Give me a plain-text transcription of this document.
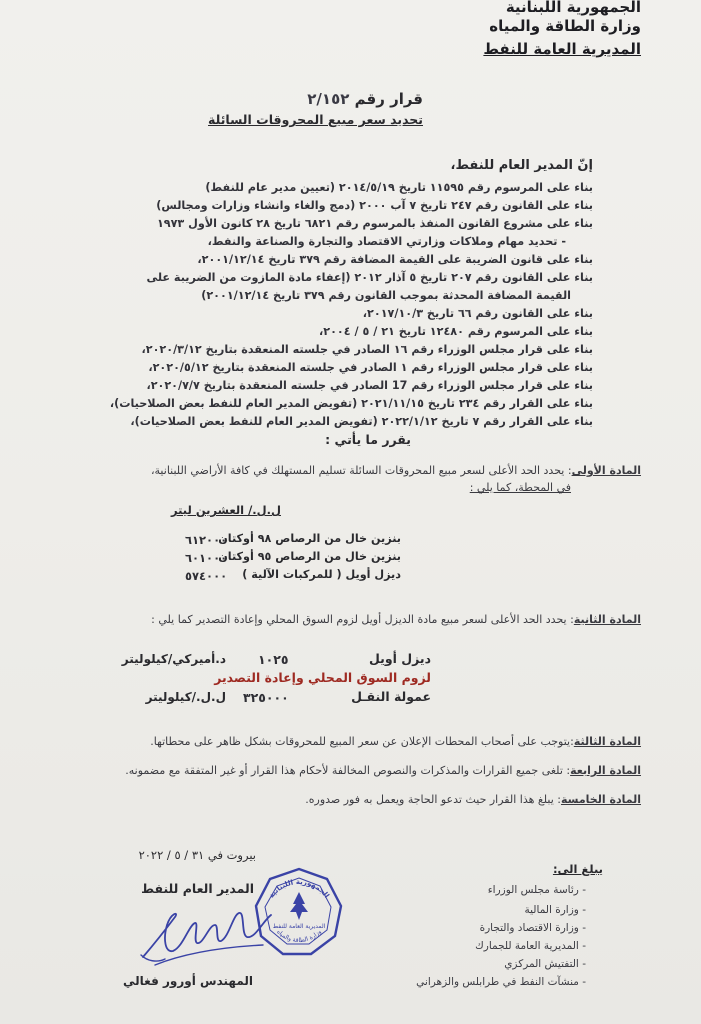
الجمهورية اللبنانية
وزارة الطاقة والمياه
المديرية العامة للنفط
قرار رقم ٢/١٥٢
تحديد سعر مبيع المحروقات السائلة
إنّ المدير العام للنفط،
بناء على المرسوم رقم ١١٥٩٥ تاريخ ٢٠١٤/٥/١٩ (تعيين مدير عام للنفط)
بناء على القانون رقم ٢٤٧ تاريخ ٧ آب ٢٠٠٠ (دمج والغاء وانشاء وزارات ومجالس)
بناء على مشروع القانون المنفذ بالمرسوم رقم ٦٨٢١ تاريخ ٢٨ كانون الأول ١٩٧٣
- تحديد مهام وملاكات وزارتي الاقتصاد والتجارة والصناعة والنفط،
بناء على قانون الضريبة على القيمة المضافة رقم ٣٧٩ تاريخ ٢٠٠١/١٢/١٤،
بناء على القانون رقم ٢٠٧ تاريخ ٥ آذار ٢٠١٢ (إعفاء مادة المازوت من الضريبة على
القيمة المضافة المحدثة بموجب القانون رقم ٣٧٩ تاريخ ٢٠٠١/١٢/١٤)
بناء على القانون رقم ٦٦ تاريخ ٢٠١٧/١٠/٣،
بناء على المرسوم رقم ١٢٤٨٠ تاريخ ٢١ / ٥ / ٢٠٠٤،
بناء على قرار مجلس الوزراء رقم ١٦ الصادر في جلسته المنعقدة بتاريخ ٢٠٢٠/٣/١٢،
بناء على قرار مجلس الوزراء رقم ١ الصادر في جلسته المنعقدة بتاريخ ٢٠٢٠/٥/١٢،
بناء على قرار مجلس الوزراء رقم 17 الصادر في جلسته المنعقدة بتاريخ ٢٠٢٠/٧/٧،
بناء على القرار رقم ٢٣٤ تاريخ ٢٠٢١/١١/١٥ (تفويض المدير العام للنفط بعض الصلاحيات)،
بناء على القرار رقم ٧ تاريخ ٢٠٢٢/١/١٢ (تفويض المدير العام للنفط بعض الصلاحيات)،
يقرر ما يأتي :
المادة الأولى: يحدد الحد الأعلى لسعر مبيع المحروقات السائلة تسليم المستهلك في كافة الأراضي اللبنانية،
في المحطة، كما يلي :
ل.ل./ العشرين ليتر
بنزين خال من الرصاص ٩٨ أوكتان
٦١٢٠٠٠
بنزين خال من الرصاص ٩٥ أوكتان
٦٠١٠٠٠
ديزل أويل ( للمركبات الآلية )
٥٧٤٠٠٠
المادة الثانية: يحدد الحد الأعلى لسعر مبيع مادة الديزل أويل لزوم السوق المحلي وإعادة التصدير كما يلي :
ديزل أويل
١٠٢٥
د.أميركي/كيلوليتر
لزوم السوق المحلي وإعادة التصدير
عمولة النقـل
٣٢٥٠٠٠
ل.ل./كيلوليتر
المادة الثالثة:يتوجب على أصحاب المحطات الإعلان عن سعر المبيع للمحروقات بشكل ظاهر على محطاتها.
المادة الرابعة: تلغى جميع القرارات والمذكرات والنصوص المخالفة لأحكام هذا القرار أو غير المتفقة مع مضمونه.
المادة الخامسة: يبلغ هذا القرار حيث تدعو الحاجة ويعمل به فور صدوره.
بيروت في ٣١ / ٥ / ٢٠٢٢
يبلغ الى:
- رئاسة مجلس الوزراء
- وزارة المالية
- وزارة الاقتصاد والتجارة
- المديرية العامة للجمارك
- التفتيش المركزي
- منشآت النفط في طرابلس والزهراني
المدير العام للنفط
المهندس أورور فغالي
الجمهورية اللبنانية
المديرية العامة للنفط
وزارة الطاقة والمياه
